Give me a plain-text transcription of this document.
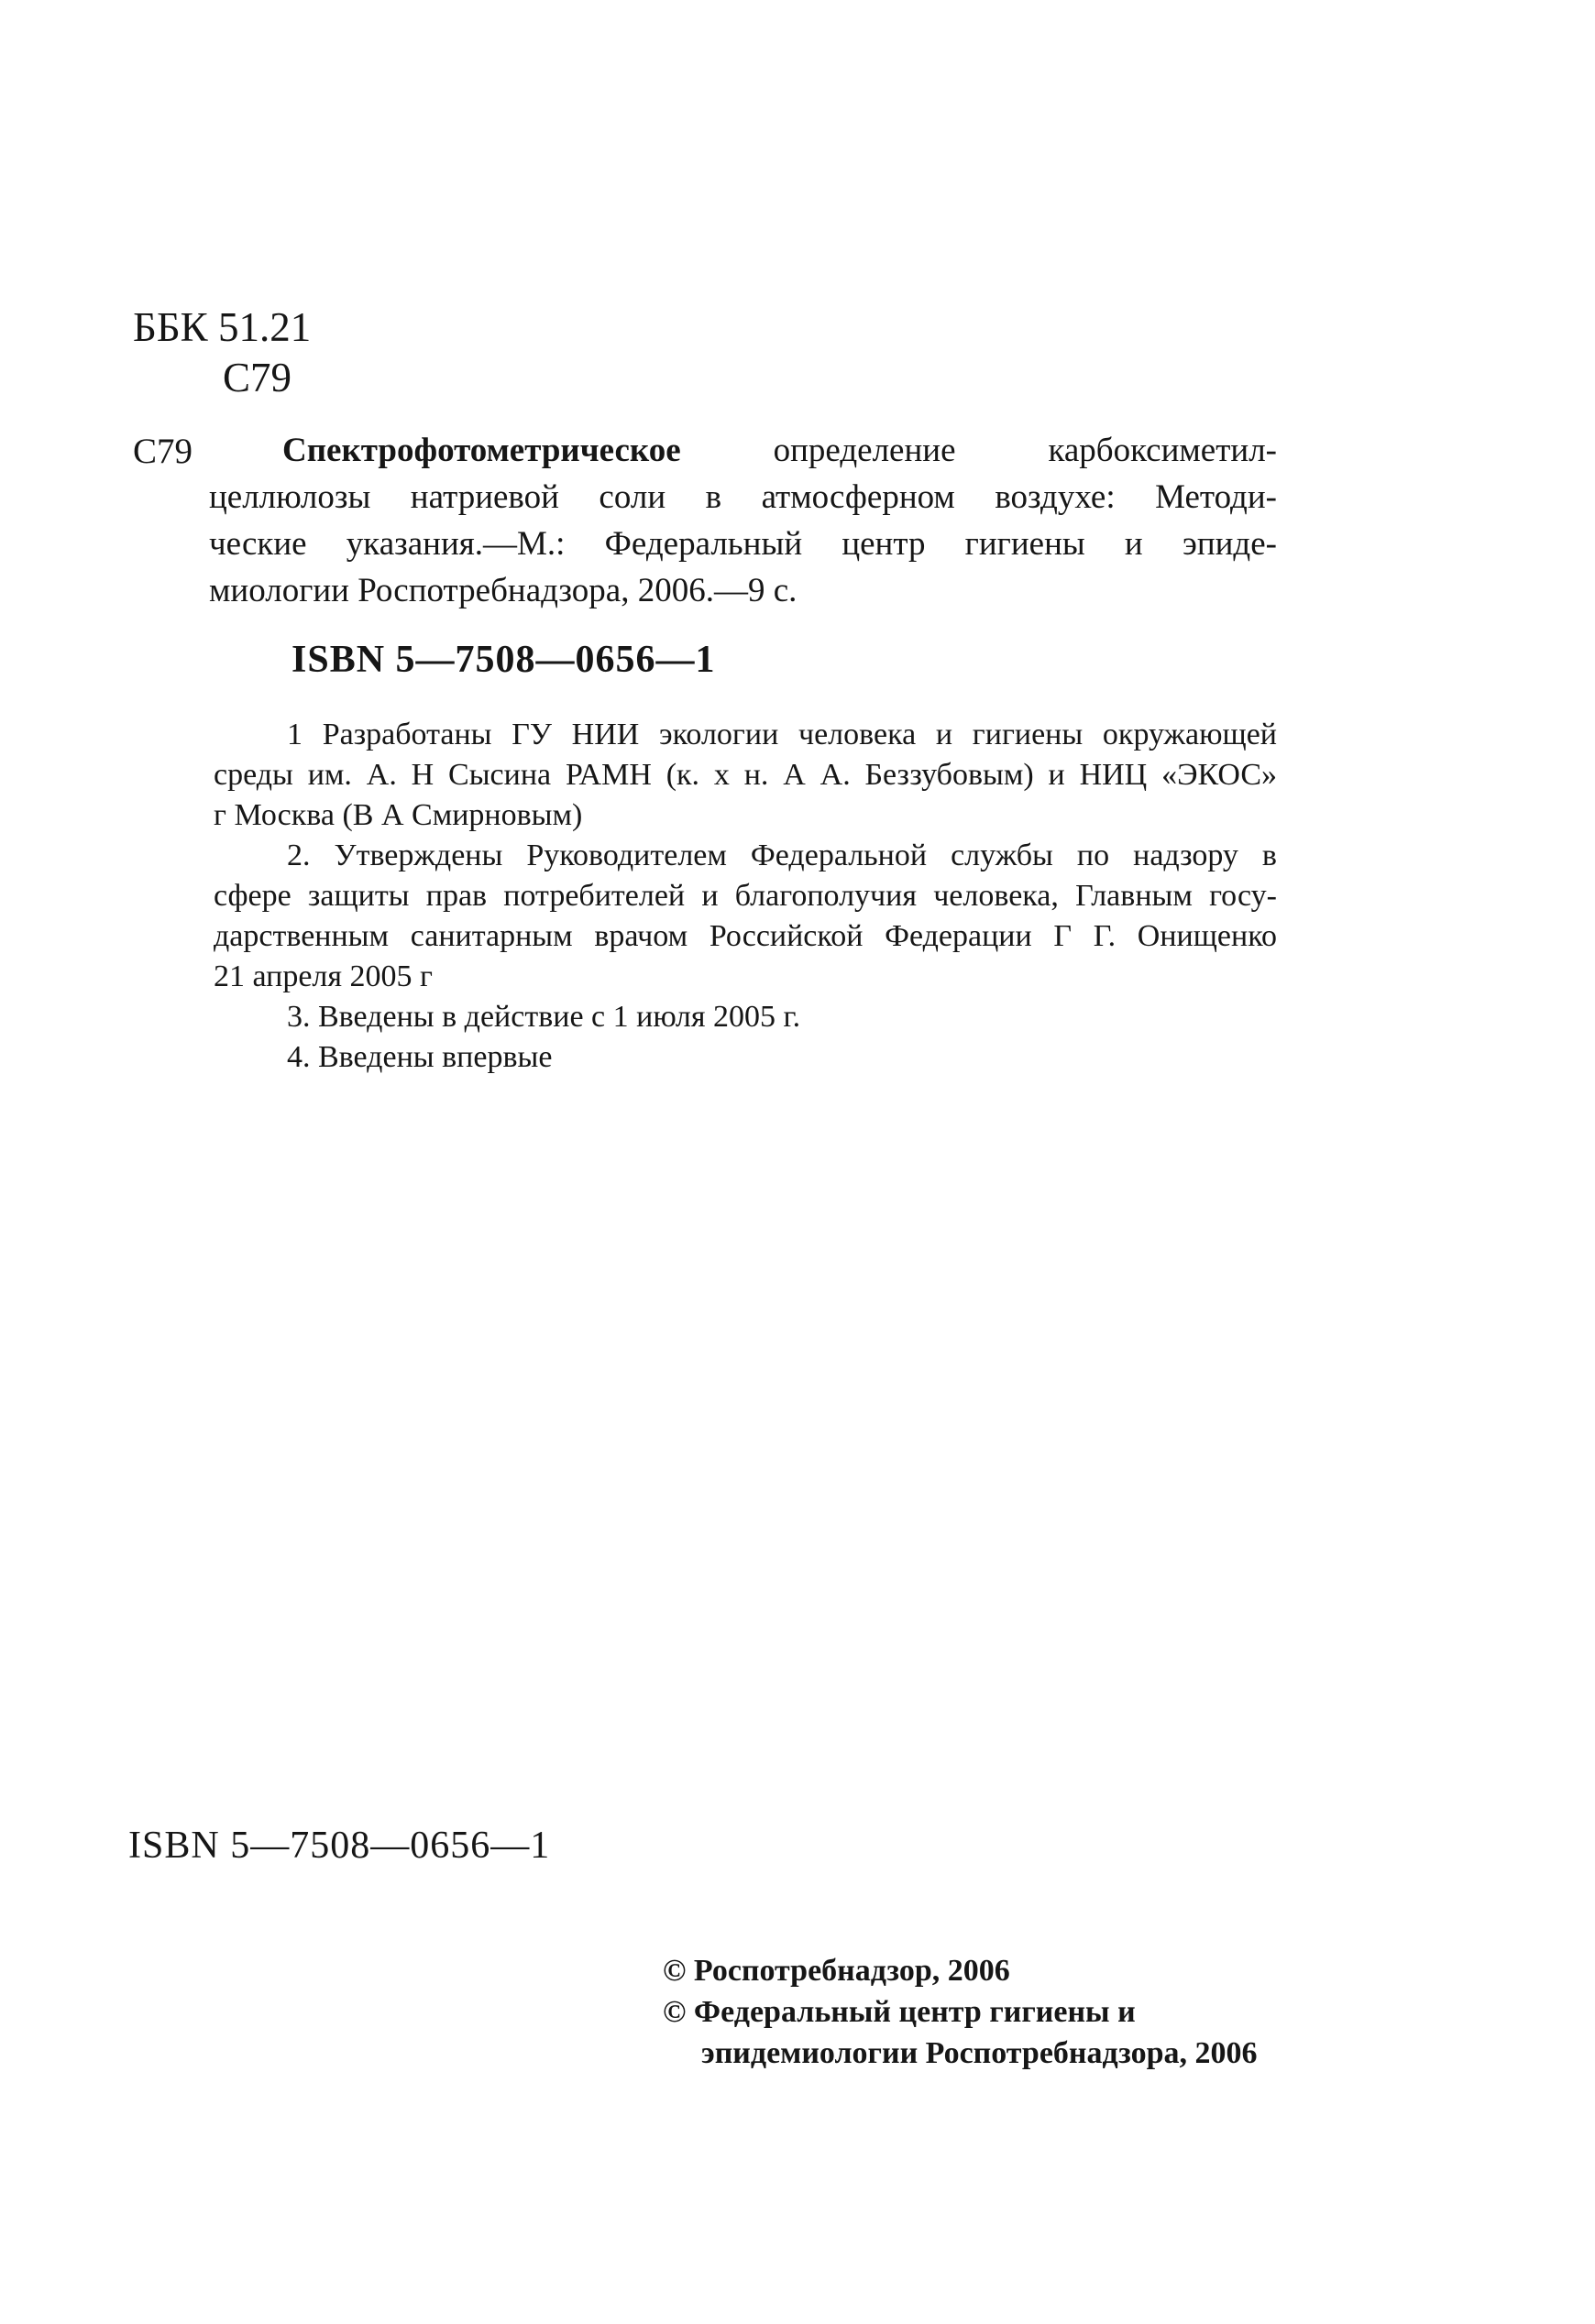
ББК 51.21
С79
С79	Спектрофотометрическое определение карбоксиметил-
целлюлозы натриевой соли в атмосферном воздухе: Методи-
ческие указания.—М.: Федеральный центр гигиены и эпиде-
миологии Роспотребнадзора, 2006.—9 с.
ISBN 5—7508—0656—1
1 Разработаны ГУ НИИ экологии человека и гигиены окружающей
среды им. А. Н Сысина РАМН (к. х н. А А. Беззубовым) и НИЦ «ЭКОС»
г Москва (В А Смирновым)
2. Утверждены Руководителем Федеральной службы по надзору в
сфере защиты прав потребителей и благополучия человека, Главным госу-
дарственным санитарным врачом Российской Федерации Г Г. Онищенко
21 апреля 2005 г
3. Введены в действие с 1 июля 2005 г.
4. Введены впервые
ISBN 5—7508—0656—1
© Роспотребнадзор, 2006
© Федеральный центр гигиены и
эпидемиологии Роспотребнадзора, 2006
